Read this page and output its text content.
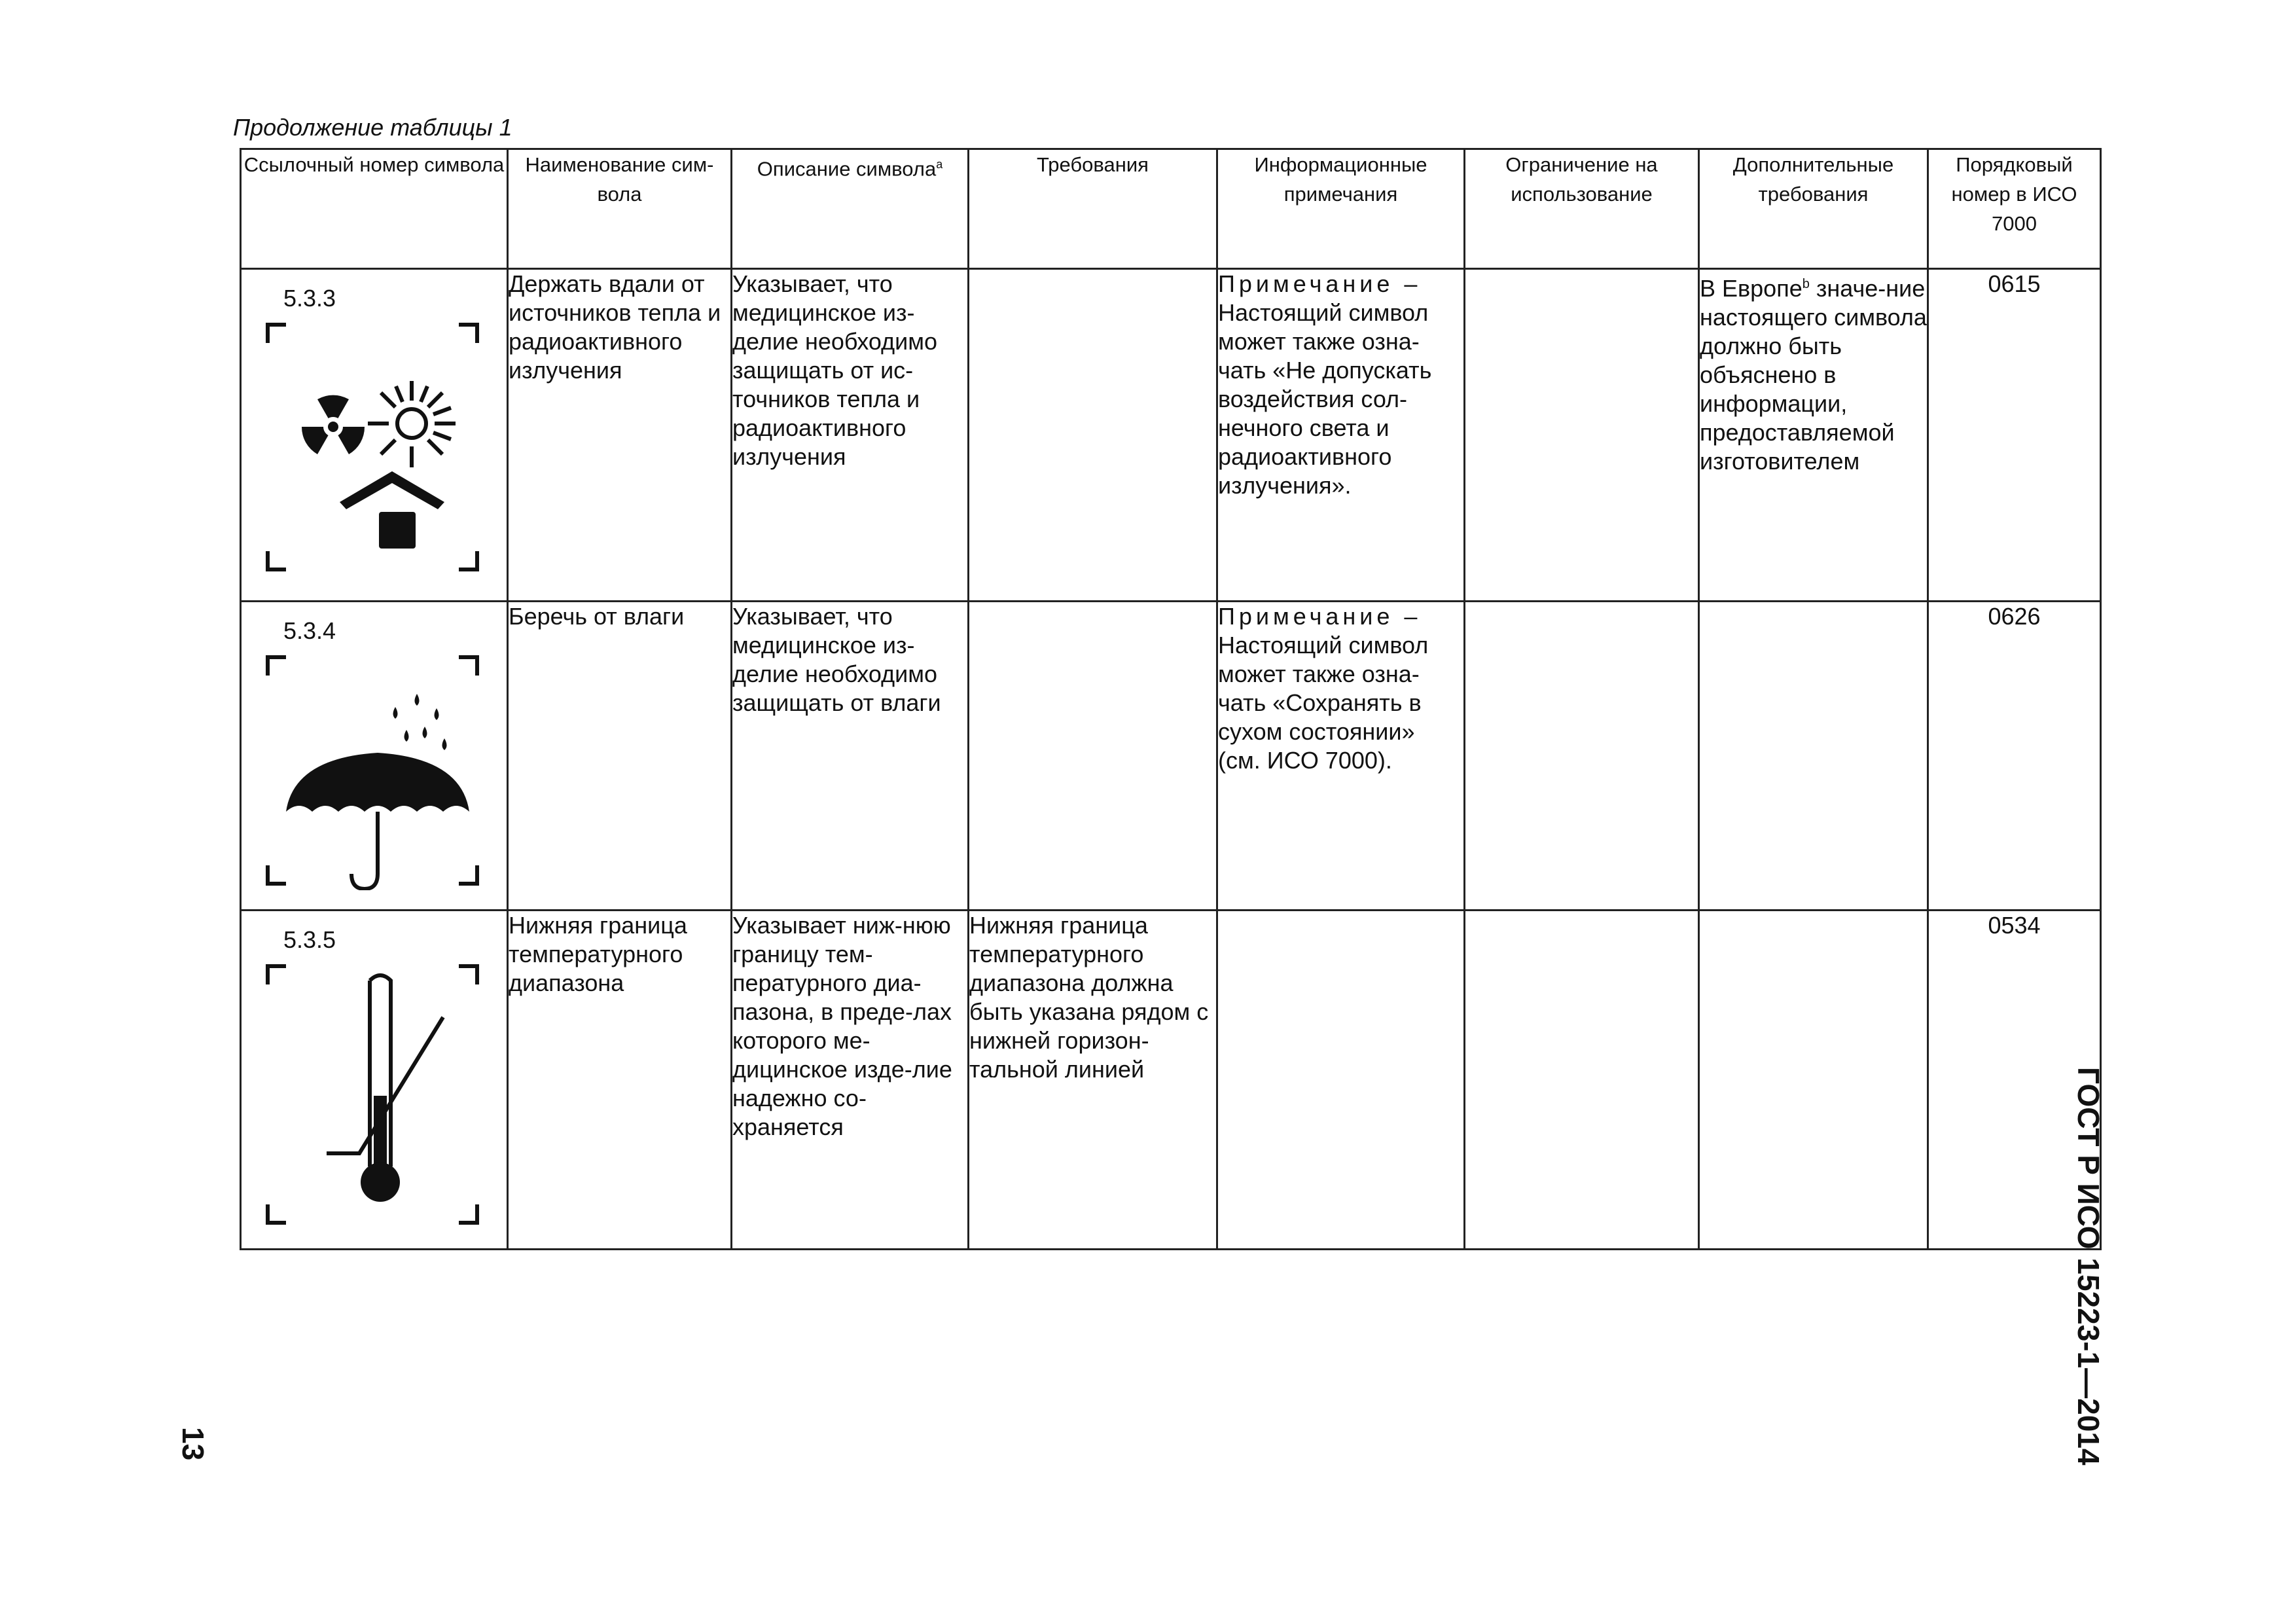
Продолжение таблицы 1
Ссылочный номер символа	Наименование сим-вола	Описание символа$^a$	Требования	Информационные примечания	Ограничение на использование	Дополнительные требования	Порядковый номер в ИСО 7000

5.3.3	Держать вдали от источников тепла и радиоактивного излучения	Указывает, что медицинское из-делие необходимо защищать от ис-точников тепла и радиоактивного излучения		Примечание – Настоящий символ может также озна-чать «Не допускать воздействия сол-нечного света и радиоактивного излучения».		В Европе$^b$ значе-ние настоящего символа должно быть объяснено в информации, предоставляемой изготовителем	0615

5.3.4	Беречь от влаги	Указывает, что медицинское из-делие необходимо защищать от влаги		Примечание – Настоящий символ может также озна-чать «Сохранять в сухом состоянии» (см. ИСО 7000).			0626

5.3.5	Нижняя граница температурного диапазона	Указывает ниж-нюю границу тем-пературного диа-пазона, в преде-лах которого ме-дицинское изде-лие надежно со-храняется	Нижняя граница температурного диапазона должна быть указана рядом с нижней горизон-тальной линией				0534
ГОСТ Р ИСО 15223-1—2014
13
